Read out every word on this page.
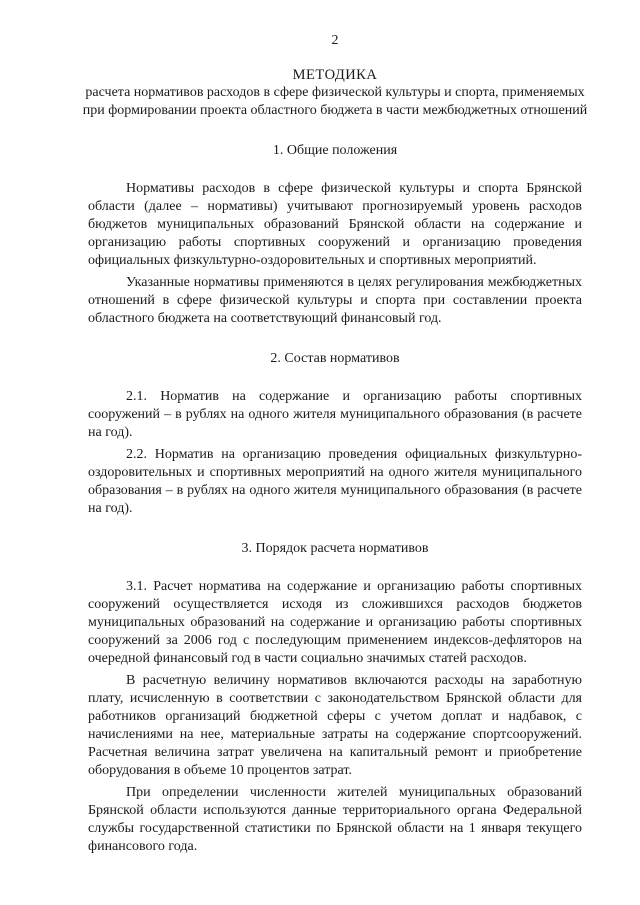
2
МЕТОДИКА
расчета нормативов расходов в сфере физической культуры и спорта, применяемых при формировании проекта областного бюджета в части межбюджетных отношений
1. Общие положения

Нормативы расходов в сфере физической культуры и спорта Брянской области (далее – нормативы) учитывают прогнозируемый уровень расходов бюджетов муниципальных образований Брянской области на содержание и организацию работы спортивных сооружений и организацию проведения официальных физкультурно-оздоровительных и спортивных мероприятий.

Указанные нормативы применяются в целях регулирования межбюджетных отношений в сфере физической культуры и спорта при составлении проекта областного бюджета на соответствующий финансовый год.

2. Состав нормативов

2.1. Норматив на содержание и организацию работы спортивных сооружений – в рублях на одного жителя муниципального образования (в расчете на год).

2.2. Норматив на организацию проведения официальных физкультурно-оздоровительных и спортивных мероприятий на одного жителя муниципального образования – в рублях на одного жителя муниципального образования (в расчете на год).

3. Порядок расчета нормативов

3.1. Расчет норматива на содержание и организацию работы спортивных сооружений осуществляется исходя из сложившихся расходов бюджетов муниципальных образований на содержание и организацию работы спортивных сооружений за 2006 год с последующим применением индексов-дефляторов на очередной финансовый год в части социально значимых статей расходов.

В расчетную величину нормативов включаются расходы на заработную плату, исчисленную в соответствии с законодательством Брянской области для работников организаций бюджетной сферы с учетом доплат и надбавок, с начислениями на нее, материальные затраты на содержание спортсооружений. Расчетная величина затрат увеличена на капитальный ремонт и приобретение оборудования в объеме 10 процентов затрат.

При определении численности жителей муниципальных образований Брянской области используются данные территориального органа Федеральной службы государственной статистики по Брянской области на 1 января текущего финансового года.
